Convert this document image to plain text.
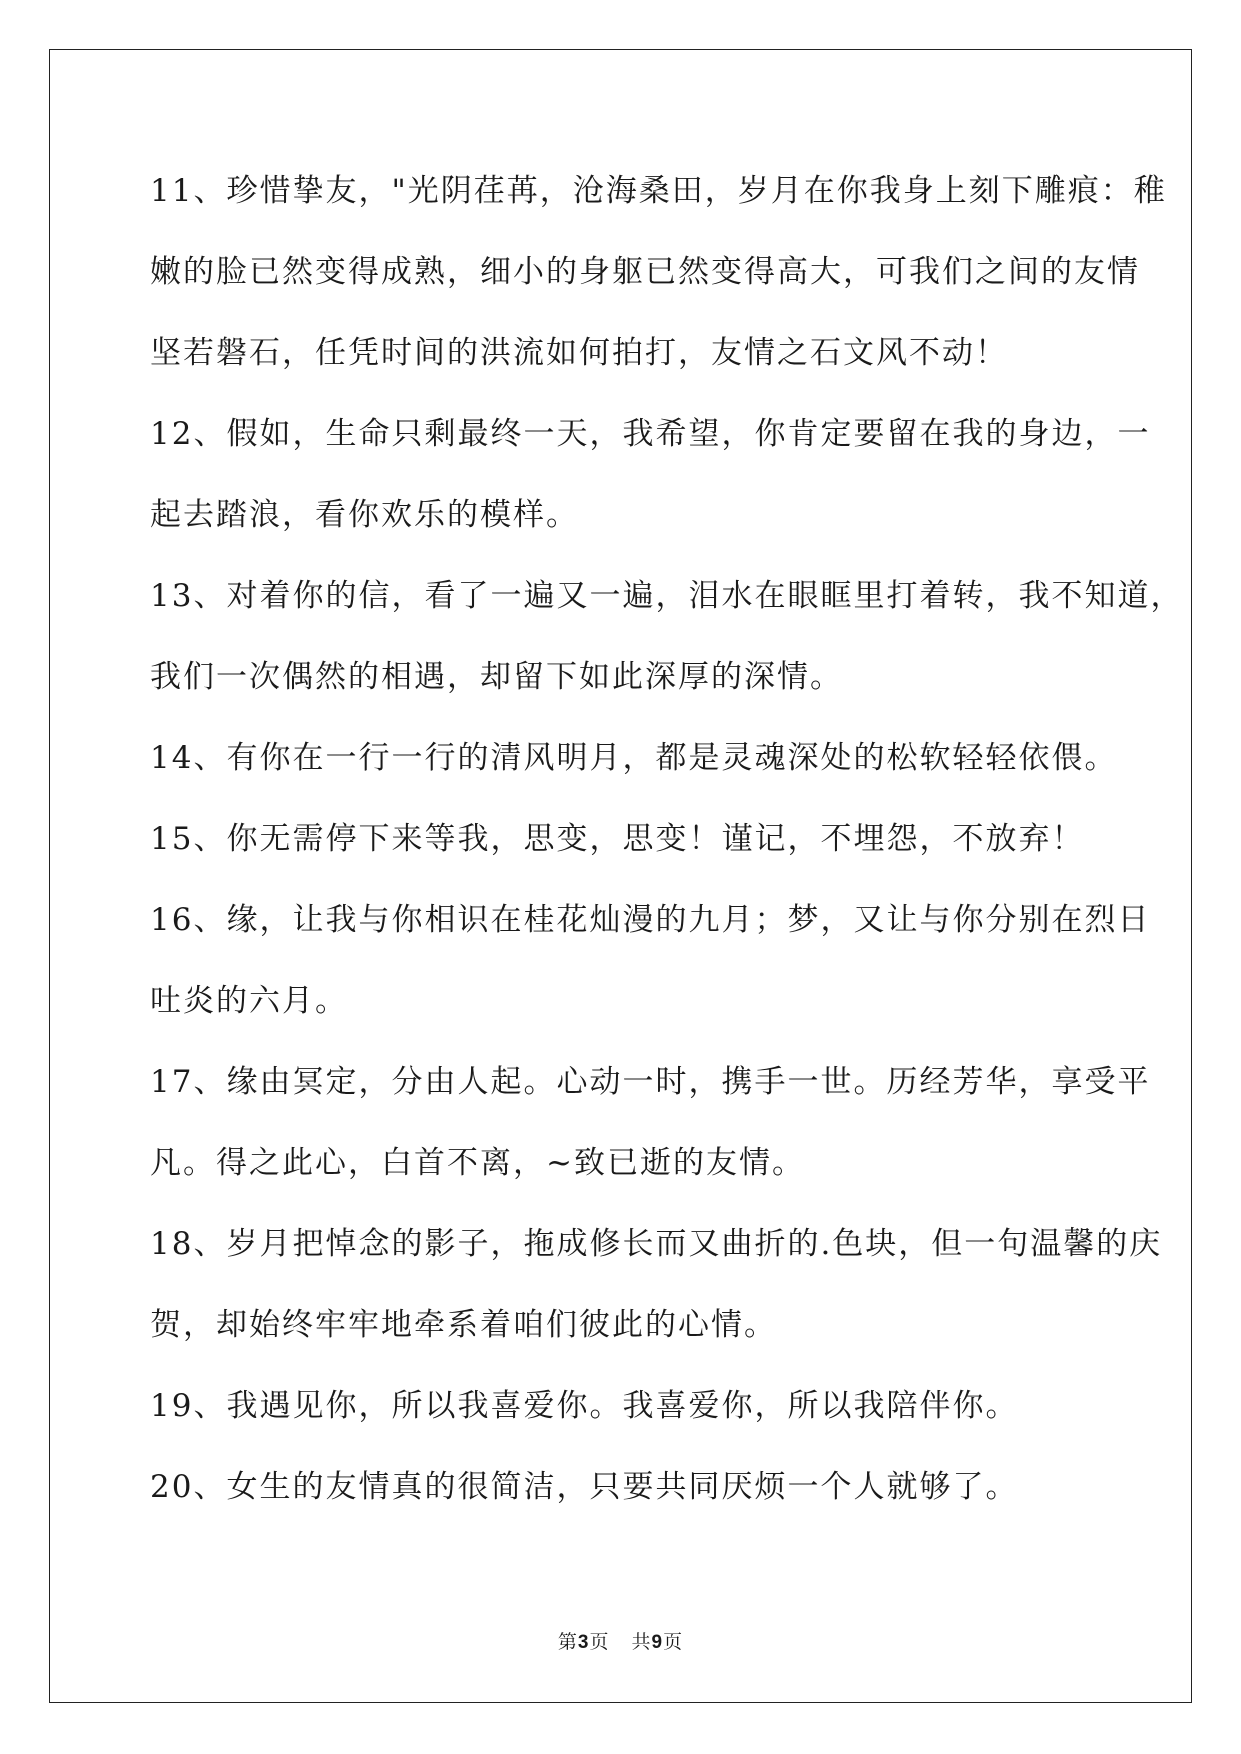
11、珍惜挚友，"光阴荏苒，沧海桑田，岁月在你我身上刻下雕痕：稚
嫩的脸已然变得成熟，细小的身躯已然变得高大，可我们之间的友情
坚若磐石，任凭时间的洪流如何拍打，友情之石文风不动！
12、假如，生命只剩最终一天，我希望，你肯定要留在我的身边，一
起去踏浪，看你欢乐的模样。
13、对着你的信，看了一遍又一遍，泪水在眼眶里打着转，我不知道，
我们一次偶然的相遇，却留下如此深厚的深情。
14、有你在一行一行的清风明月，都是灵魂深处的松软轻轻依偎。
15、你无需停下来等我，思变，思变！谨记，不埋怨，不放弃！
16、缘，让我与你相识在桂花灿漫的九月；梦，又让与你分别在烈日
吐炎的六月。
17、缘由冥定，分由人起。心动一时，携手一世。历经芳华，享受平
凡。得之此心，白首不离，~致已逝的友情。
18、岁月把悼念的影子，拖成修长而又曲折的.色块，但一句温馨的庆
贺，却始终牢牢地牵系着咱们彼此的心情。
19、我遇见你，所以我喜爱你。我喜爱你，所以我陪伴你。
20、女生的友情真的很简洁，只要共同厌烦一个人就够了。
第3页 共9页
